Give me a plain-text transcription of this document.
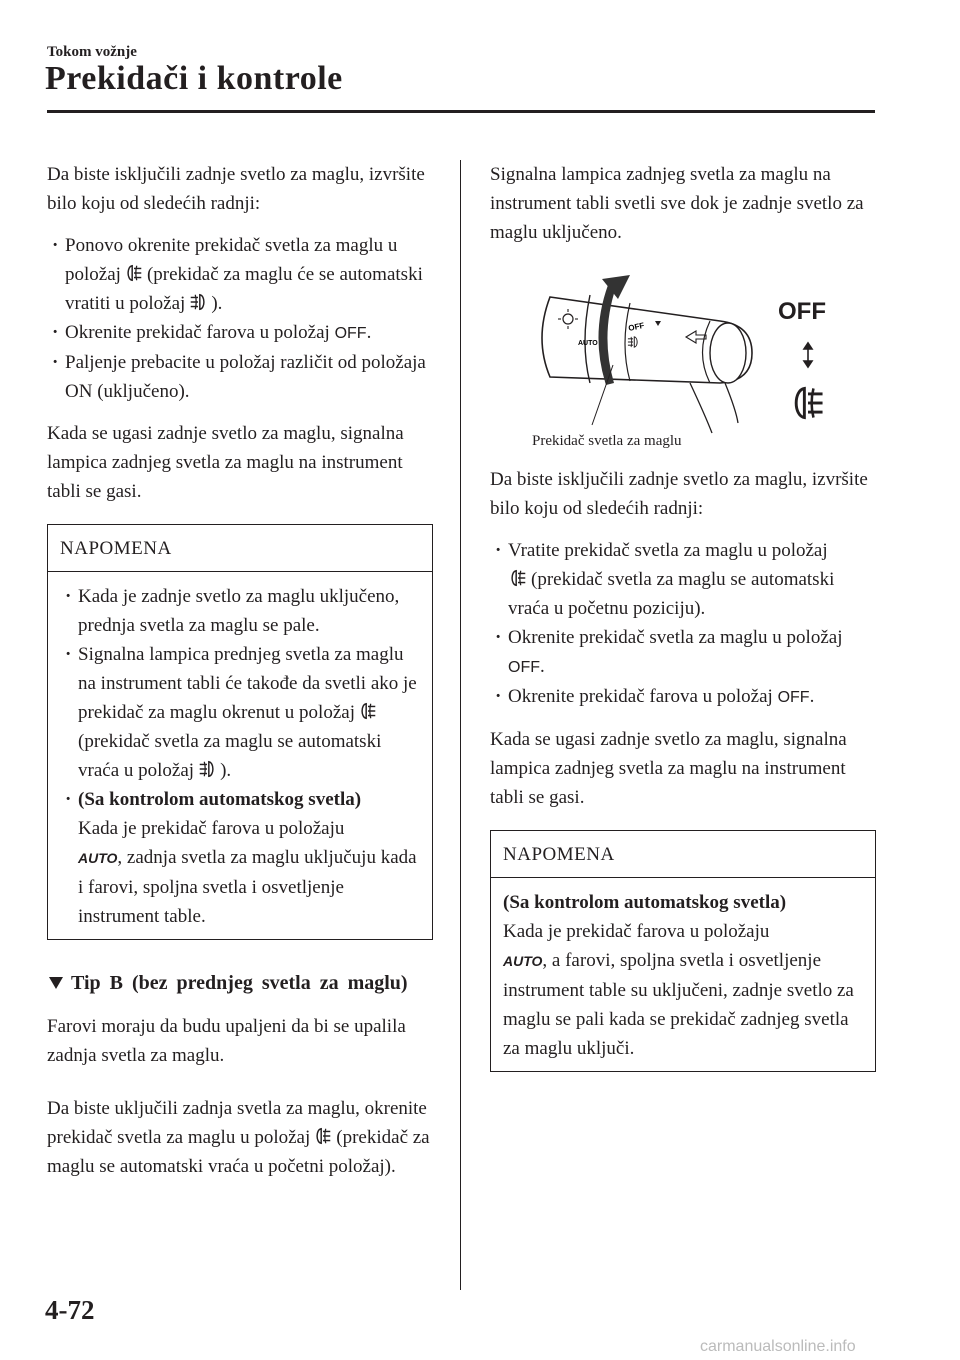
Tokom vožnje
Prekidači i kontrole

Da biste isključili zadnje svetlo za maglu, izvršite bilo koju od sledećih radnji:

· Ponovo okrenite prekidač svetla za maglu u položaj (prekidač za maglu će se automatski vratiti u položaj ).
· Okrenite prekidač farova u položaj OFF.
· Paljenje prebacite u položaj različit od položaja ON (uključeno).

Kada se ugasi zadnje svetlo za maglu, signalna lampica zadnjeg svetla za maglu na instrument tabli se gasi.

NAPOMENA
· Kada je zadnje svetlo za maglu uključeno, prednja svetla za maglu se pale.
· Signalna lampica prednjeg svetla za maglu na instrument tabli će takođe da svetli ako je prekidač za maglu okrenut u položaj(prekidač svetla za maglu se automatski vraća u položaj ).
· (Sa kontrolom automatskog svetla)
Kada je prekidač farova u položaju
AUTO, zadnja svetla za maglu uključuju kada i farovi, spoljna svetla i osvetljenje instrument table.
Tip B (bez prednjeg svetla za maglu)

Farovi moraju da budu upaljeni da bi se upalila zadnja svetla za maglu.

Da biste uključili zadnja svetla za maglu, okrenite prekidač svetla za maglu u položaj (prekidač za maglu se automatski vraća u početni položaj).

Signalna lampica zadnjeg svetla za maglu na instrument tabli svetli sve dok je zadnje svetlo za maglu uključeno.

AUTO
OFF
OFF
Prekidač svetla za maglu

Da biste isključili zadnje svetlo za maglu, izvršite bilo koju od sledećih radnji:

· Vratite prekidač svetla za maglu u položaj
(prekidač svetla za maglu se automatski vraća u početnu poziciju).
· Okrenite prekidač svetla za maglu u položaj OFF.
· Okrenite prekidač farova u položaj OFF.

Kada se ugasi zadnje svetlo za maglu, signalna lampica zadnjeg svetla za maglu na instrument tabli se gasi.

NAPOMENA
(Sa kontrolom automatskog svetla)
Kada je prekidač farova u položaju
AUTO, a farovi, spoljna svetla i osvetljenje instrument table su uključeni, zadnje svetlo za maglu se pali kada se prekidač zadnjeg svetla za maglu uključi.
4-72
carmanualsonline.info
